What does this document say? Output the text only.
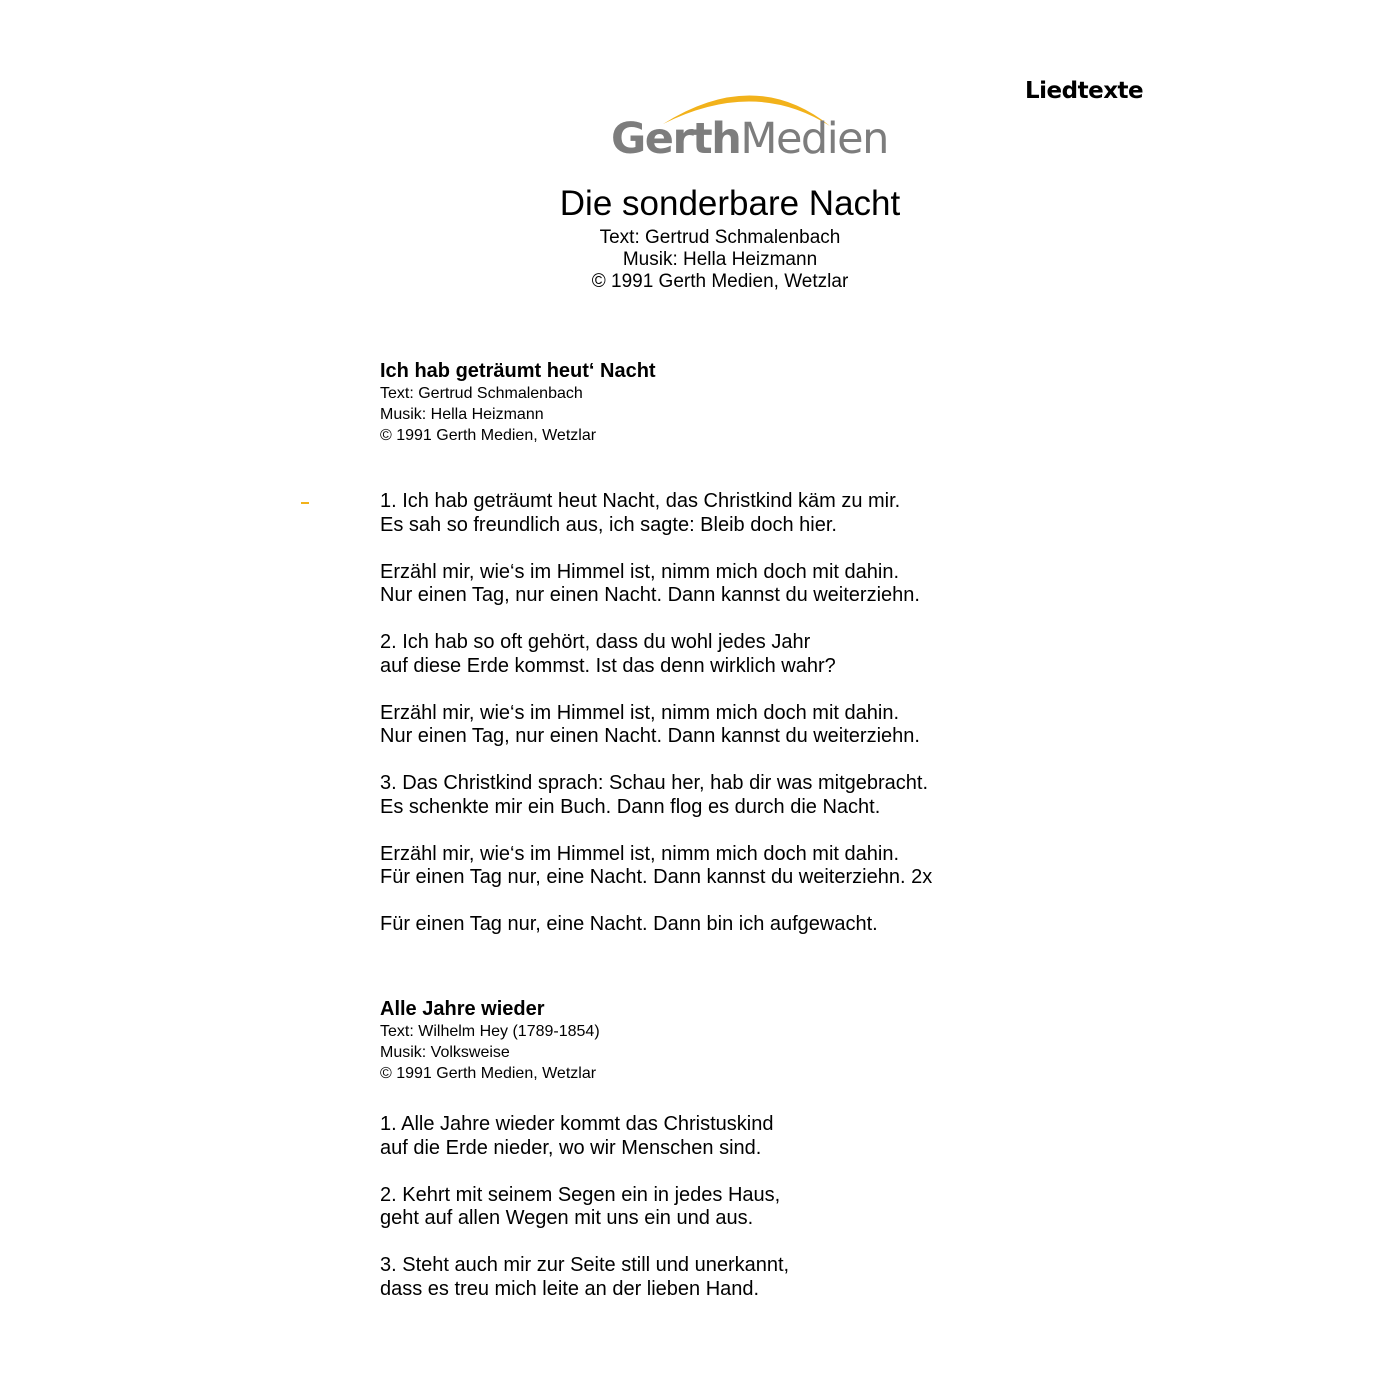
Liedtexte
GerthMedien
Die sonderbare Nacht
Text: Gertrud Schmalenbach
Musik: Hella Heizmann
© 1991 Gerth Medien, Wetzlar
Ich hab geträumt heut‘ Nacht
Text: Gertrud Schmalenbach
Musik: Hella Heizmann
© 1991 Gerth Medien, Wetzlar
1. Ich hab geträumt heut Nacht, das Christkind käm zu mir.
Es sah so freundlich aus, ich sagte: Bleib doch hier.
Erzähl mir, wie‘s im Himmel ist, nimm mich doch mit dahin.
Nur einen Tag, nur einen Nacht. Dann kannst du weiterziehn.
2. Ich hab so oft gehört, dass du wohl jedes Jahr
auf diese Erde kommst. Ist das denn wirklich wahr?
Erzähl mir, wie‘s im Himmel ist, nimm mich doch mit dahin.
Nur einen Tag, nur einen Nacht. Dann kannst du weiterziehn.
3. Das Christkind sprach: Schau her, hab dir was mitgebracht.
Es schenkte mir ein Buch. Dann flog es durch die Nacht.
Erzähl mir, wie‘s im Himmel ist, nimm mich doch mit dahin.
Für einen Tag nur, eine Nacht. Dann kannst du weiterziehn. 2x
Für einen Tag nur, eine Nacht. Dann bin ich aufgewacht.
Alle Jahre wieder
Text: Wilhelm Hey (1789-1854)
Musik: Volksweise
© 1991 Gerth Medien, Wetzlar
1. Alle Jahre wieder kommt das Christuskind
auf die Erde nieder, wo wir Menschen sind.
2. Kehrt mit seinem Segen ein in jedes Haus,
geht auf allen Wegen mit uns ein und aus.
3. Steht auch mir zur Seite still und unerkannt,
dass es treu mich leite an der lieben Hand.
